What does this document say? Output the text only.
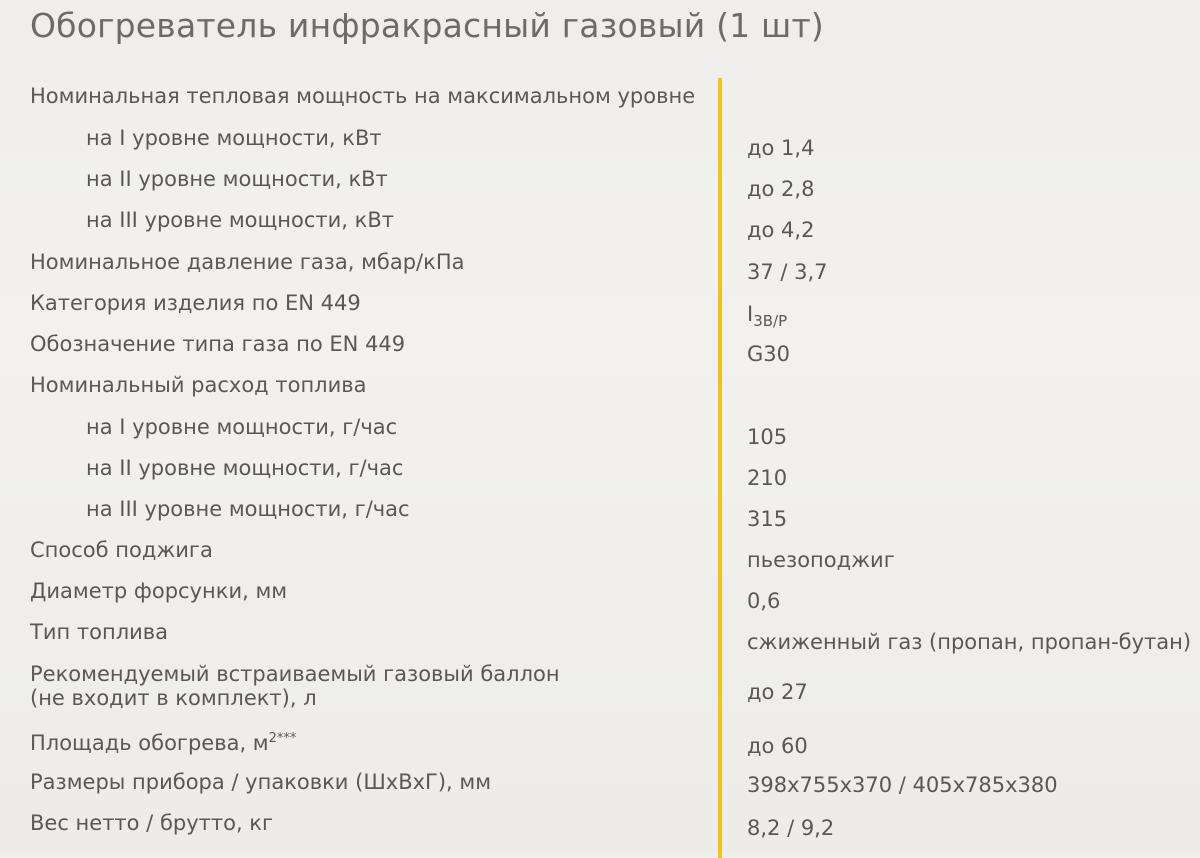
Обогреватель инфракрасный газовый (1 шт)
Номинальная тепловая мощность на максимальном уровне
на I уровне мощности, кВт	до 1,4
на II уровне мощности, кВт	до 2,8
на III уровне мощности, кВт	до 4,2
Номинальное давление газа, мбар/кПа	37 / 3,7
Категория изделия по EN 449	$I_{3B/P}$
Обозначение типа газа по EN 449	G30
Номинальный расход топлива
на I уровне мощности, г/час	105
на II уровне мощности, г/час	210
на III уровне мощности, г/час	315
Способ поджига	пьезоподжиг
Диаметр форсунки, мм	0,6
Тип топлива	сжиженный газ (пропан, пропан-бутан)
Рекомендуемый встраиваемый газовый баллон
(не входит в комплект), л	до 27
Площадь обогрева, $м^{2***}$	до 60
Размеры прибора / упаковки (ШхВхГ), мм	398x755x370 / 405x785x380
Вес нетто / брутто, кг	8,2 / 9,2
